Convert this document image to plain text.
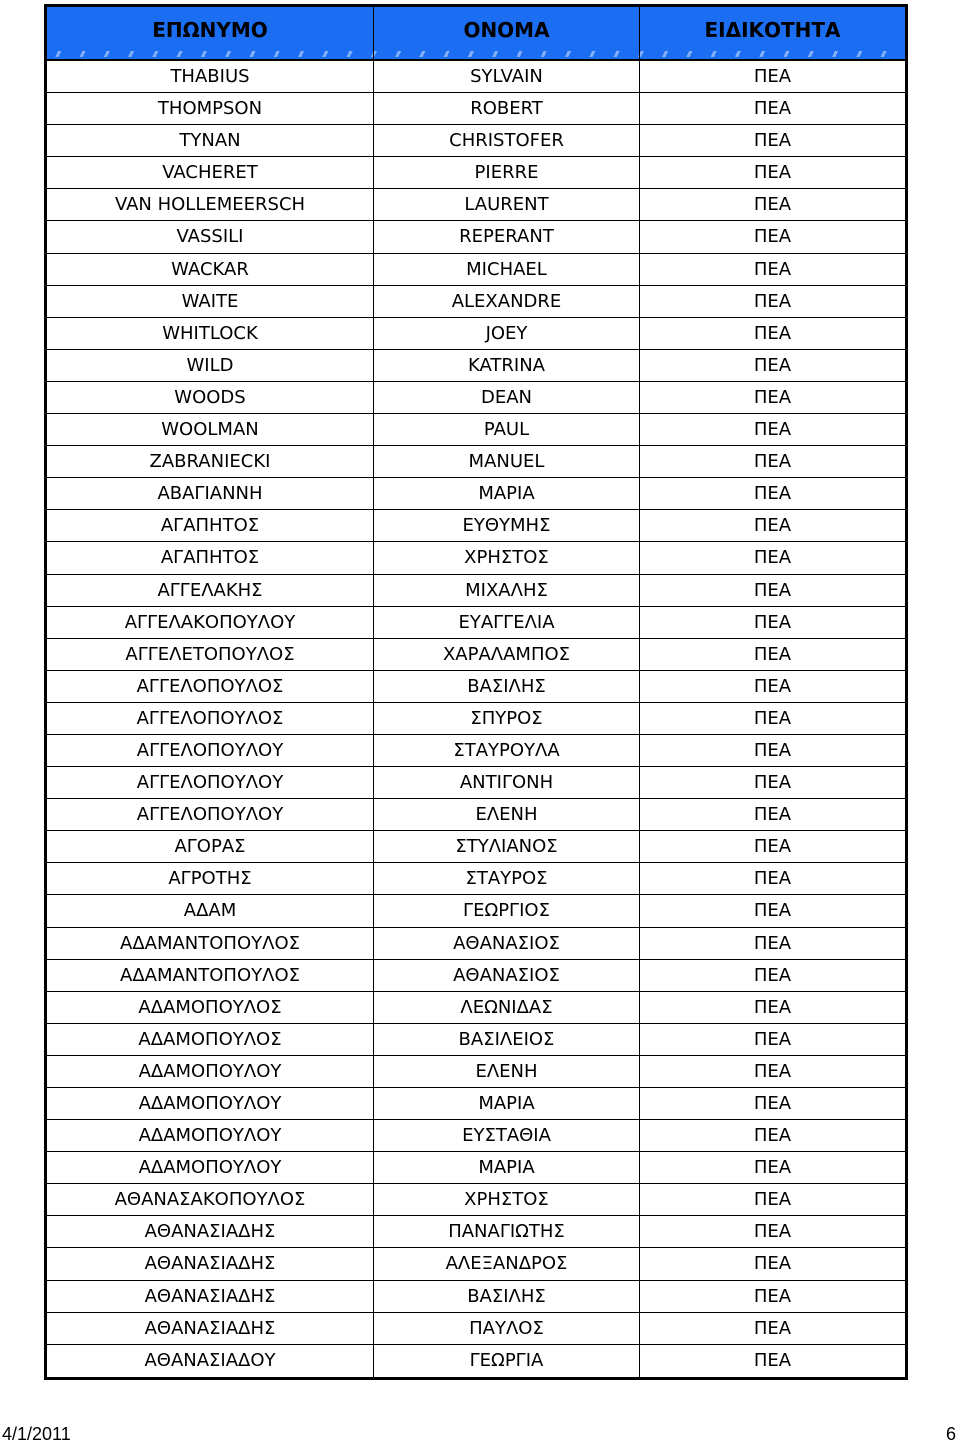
ΕΠΩΝΥΜΟ	ΟΝΟΜΑ	ΕΙΔΙΚΟΤΗΤΑ
THABIUS	SYLVAIN	ΠΕΑ
THOMPSON	ROBERT	ΠΕΑ
TYNAN	CHRISTOFER	ΠΕΑ
VACHERET	PIERRE	ΠΕΑ
VAN HOLLEMEERSCH	LAURENT	ΠΕΑ
VASSILI	REPERANT	ΠΕΑ
WACKAR	MICHAEL	ΠΕΑ
WAITE	ALEXANDRE	ΠΕΑ
WHITLOCK	JOEY	ΠΕΑ
WILD	KATRINA	ΠΕΑ
WOODS	DEAN	ΠΕΑ
WOOLMAN	PAUL	ΠΕΑ
ZABRANIECKI	MANUEL	ΠΕΑ
ΑΒΑΓΙΑΝΝΗ	ΜΑΡΙΑ	ΠΕΑ
ΑΓΑΠΗΤΟΣ	ΕΥΘΥΜΗΣ	ΠΕΑ
ΑΓΑΠΗΤΟΣ	ΧΡΗΣΤΟΣ	ΠΕΑ
ΑΓΓΕΛΑΚΗΣ	ΜΙΧΑΛΗΣ	ΠΕΑ
ΑΓΓΕΛΑΚΟΠΟΥΛΟΥ	ΕΥΑΓΓΕΛΙΑ	ΠΕΑ
ΑΓΓΕΛΕΤΟΠΟΥΛΟΣ	ΧΑΡΑΛΑΜΠΟΣ	ΠΕΑ
ΑΓΓΕΛΟΠΟΥΛΟΣ	ΒΑΣΙΛΗΣ	ΠΕΑ
ΑΓΓΕΛΟΠΟΥΛΟΣ	ΣΠΥΡΟΣ	ΠΕΑ
ΑΓΓΕΛΟΠΟΥΛΟΥ	ΣΤΑΥΡΟΥΛΑ	ΠΕΑ
ΑΓΓΕΛΟΠΟΥΛΟΥ	ΑΝΤΙΓΟΝΗ	ΠΕΑ
ΑΓΓΕΛΟΠΟΥΛΟΥ	ΕΛΕΝΗ	ΠΕΑ
ΑΓΟΡΑΣ	ΣΤΥΛΙΑΝΟΣ	ΠΕΑ
ΑΓΡΟΤΗΣ	ΣΤΑΥΡΟΣ	ΠΕΑ
ΑΔΑΜ	ΓΕΩΡΓΙΟΣ	ΠΕΑ
ΑΔΑΜΑΝΤΟΠΟΥΛΟΣ	ΑΘΑΝΑΣΙΟΣ	ΠΕΑ
ΑΔΑΜΑΝΤΟΠΟΥΛΟΣ	ΑΘΑΝΑΣΙΟΣ	ΠΕΑ
ΑΔΑΜΟΠΟΥΛΟΣ	ΛΕΩΝΙΔΑΣ	ΠΕΑ
ΑΔΑΜΟΠΟΥΛΟΣ	ΒΑΣΙΛΕΙΟΣ	ΠΕΑ
ΑΔΑΜΟΠΟΥΛΟΥ	ΕΛΕΝΗ	ΠΕΑ
ΑΔΑΜΟΠΟΥΛΟΥ	ΜΑΡΙΑ	ΠΕΑ
ΑΔΑΜΟΠΟΥΛΟΥ	ΕΥΣΤΑΘΙΑ	ΠΕΑ
ΑΔΑΜΟΠΟΥΛΟΥ	ΜΑΡΙΑ	ΠΕΑ
ΑΘΑΝΑΣΑΚΟΠΟΥΛΟΣ	ΧΡΗΣΤΟΣ	ΠΕΑ
ΑΘΑΝΑΣΙΑΔΗΣ	ΠΑΝΑΓΙΩΤΗΣ	ΠΕΑ
ΑΘΑΝΑΣΙΑΔΗΣ	ΑΛΕΞΑΝΔΡΟΣ	ΠΕΑ
ΑΘΑΝΑΣΙΑΔΗΣ	ΒΑΣΙΛΗΣ	ΠΕΑ
ΑΘΑΝΑΣΙΑΔΗΣ	ΠΑΥΛΟΣ	ΠΕΑ
ΑΘΑΝΑΣΙΑΔΟΥ	ΓΕΩΡΓΙΑ	ΠΕΑ
4/1/2011	6
